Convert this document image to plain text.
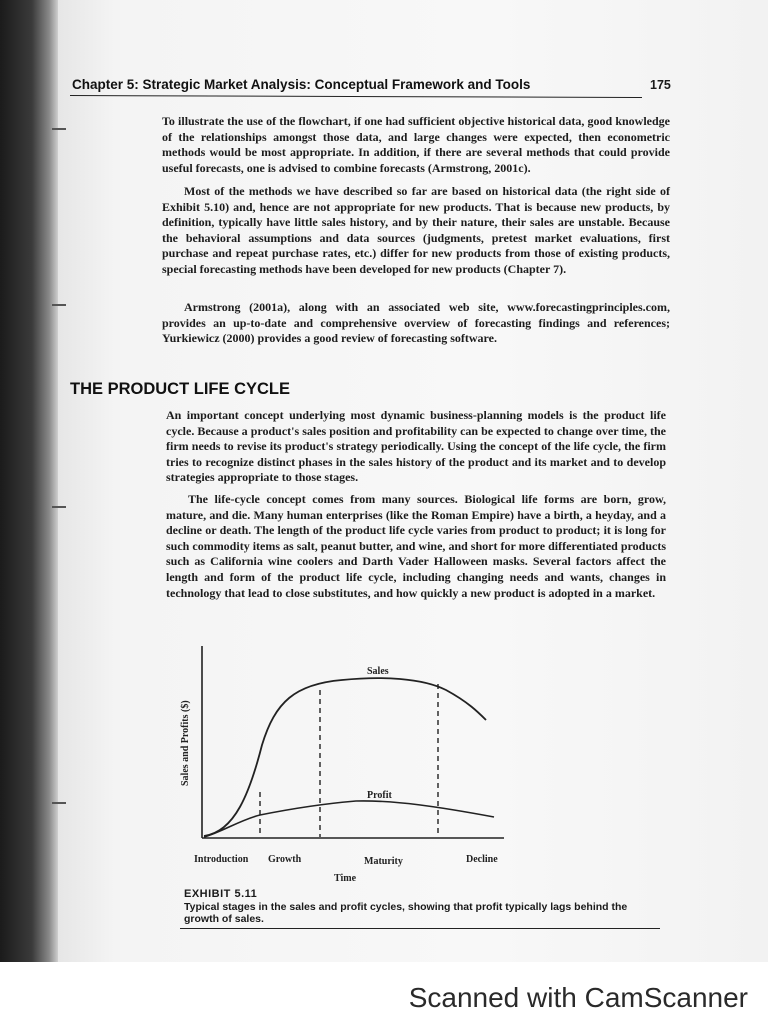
Chapter 5: Strategic Market Analysis: Conceptual Framework and Tools	175

To illustrate the use of the flowchart, if one had sufficient objective historical data, good knowledge of the relationships amongst those data, and large changes were expected, then econometric methods would be most appropriate. In addition, if there are several methods that could provide useful forecasts, one is advised to combine forecasts (Armstrong, 2001c).

Most of the methods we have described so far are based on historical data (the right side of Exhibit 5.10) and, hence are not appropriate for new products. That is because new products, by definition, typically have little sales history, and by their nature, their sales are unstable. Because the behavioral assumptions and data sources (judgments, pretest market evaluations, first purchase and repeat purchase rates, etc.) differ for new products from those of existing products, special forecasting methods have been developed for new products (Chapter 7).

Armstrong (2001a), along with an associated web site, www.forecastingprinciples.com, provides an up-to-date and comprehensive overview of forecasting findings and references; Yurkiewicz (2000) provides a good review of forecasting software.

THE PRODUCT LIFE CYCLE

An important concept underlying most dynamic business-planning models is the product life cycle. Because a product's sales position and profitability can be expected to change over time, the firm needs to revise its product's strategy periodically. Using the concept of the life cycle, the firm tries to recognize distinct phases in the sales history of the product and its market and to develop strategies appropriate to those stages.

The life-cycle concept comes from many sources. Biological life forms are born, grow, mature, and die. Many human enterprises (like the Roman Empire) have a birth, a heyday, and a decline or death. The length of the product life cycle varies from product to product; it is long for such commodity items as salt, peanut butter, and wine, and short for more differentiated products such as California wine coolers and Darth Vader Halloween masks. Several factors affect the length and form of the product life cycle, including changing needs and wants, changes in technology that lead to close substitutes, and how quickly a new product is adopted in a market.

Sales
Profit
Sales and Profits ($)
Introduction Growth	Maturity	Decline
Time
EXHIBIT 5.11

Typical stages in the sales and profit cycles, showing that profit typically lags behind the growth of sales.

Scanned with CamScanner
